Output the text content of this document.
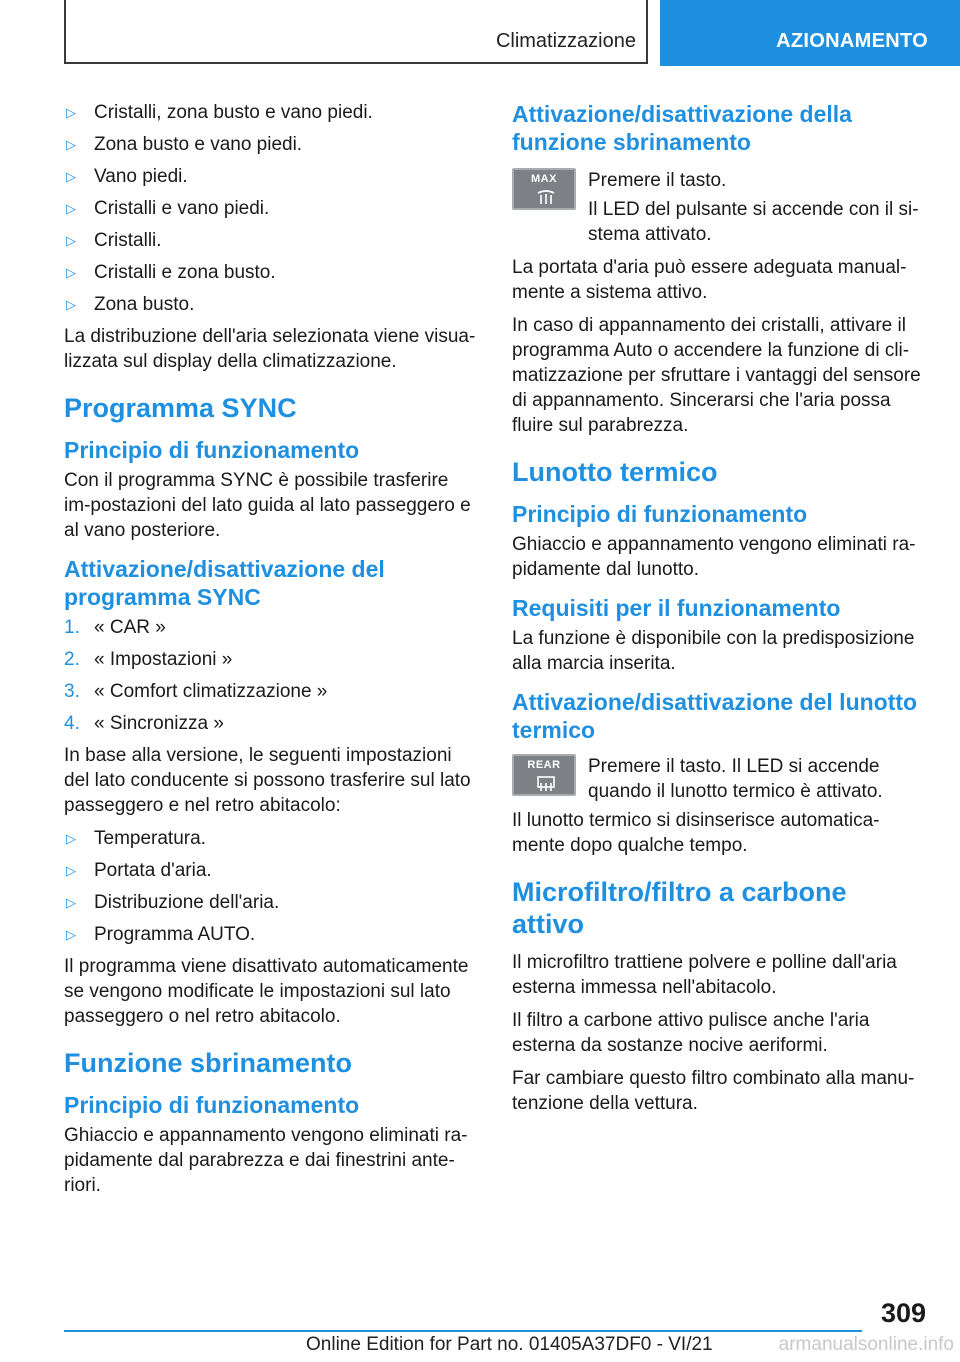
Climatizzazione	AZIONAMENTO
▷ Cristalli, zona busto e vano piedi.
▷ Zona busto e vano piedi.
▷ Vano piedi.
▷ Cristalli e vano piedi.
▷ Cristalli.
▷ Cristalli e zona busto.
▷ Zona busto.

La distribuzione dell'aria selezionata viene visua-lizzata sul display della climatizzazione.

Programma SYNC
Principio di funzionamento

Con il programma SYNC è possibile trasferire im-postazioni del lato guida al lato passeggero e al vano posteriore.

Attivazione/disattivazione del programma SYNC
1. « CAR »
2. « Impostazioni »
3. « Comfort climatizzazione »
4. « Sincronizza »

In base alla versione, le seguenti impostazioni del lato conducente si possono trasferire sul lato passeggero e nel retro abitacolo:

▷ Temperatura.
▷ Portata d'aria.
▷ Distribuzione dell'aria.
▷ Programma AUTO.

Il programma viene disattivato automaticamente se vengono modificate le impostazioni sul lato passeggero o nel retro abitacolo.

Funzione sbrinamento
Principio di funzionamento

Ghiaccio e appannamento vengono eliminati ra-pidamente dal parabrezza e dai finestrini ante-riori.

Attivazione/disattivazione della funzione sbrinamento
MAX	Premere il tasto.

Il LED del pulsante si accende con il si-stema attivato.

La portata d'aria può essere adeguata manual-mente a sistema attivo.

In caso di appannamento dei cristalli, attivare il programma Auto o accendere la funzione di cli-matizzazione per sfruttare i vantaggi del sensore di appannamento. Sincerarsi che l'aria possa fluire sul parabrezza.

Lunotto termico
Principio di funzionamento

Ghiaccio e appannamento vengono eliminati ra-pidamente dal lunotto.

Requisiti per il funzionamento

La funzione è disponibile con la predisposizione alla marcia inserita.

Attivazione/disattivazione del lunotto termico
REAR	Premere il tasto. Il LED si accende quando il lunotto termico è attivato.

Il lunotto termico si disinserisce automatica-mente dopo qualche tempo.

Microfiltro/filtro a carbone attivo

Il microfiltro trattiene polvere e polline dall'aria esterna immessa nell'abitacolo.

Il filtro a carbone attivo pulisce anche l'aria esterna da sostanze nocive aeriformi.

Far cambiare questo filtro combinato alla manu-tenzione della vettura.

309
Online Edition for Part no. 01405A37DF0 - VI/21	armanualsonline.info
